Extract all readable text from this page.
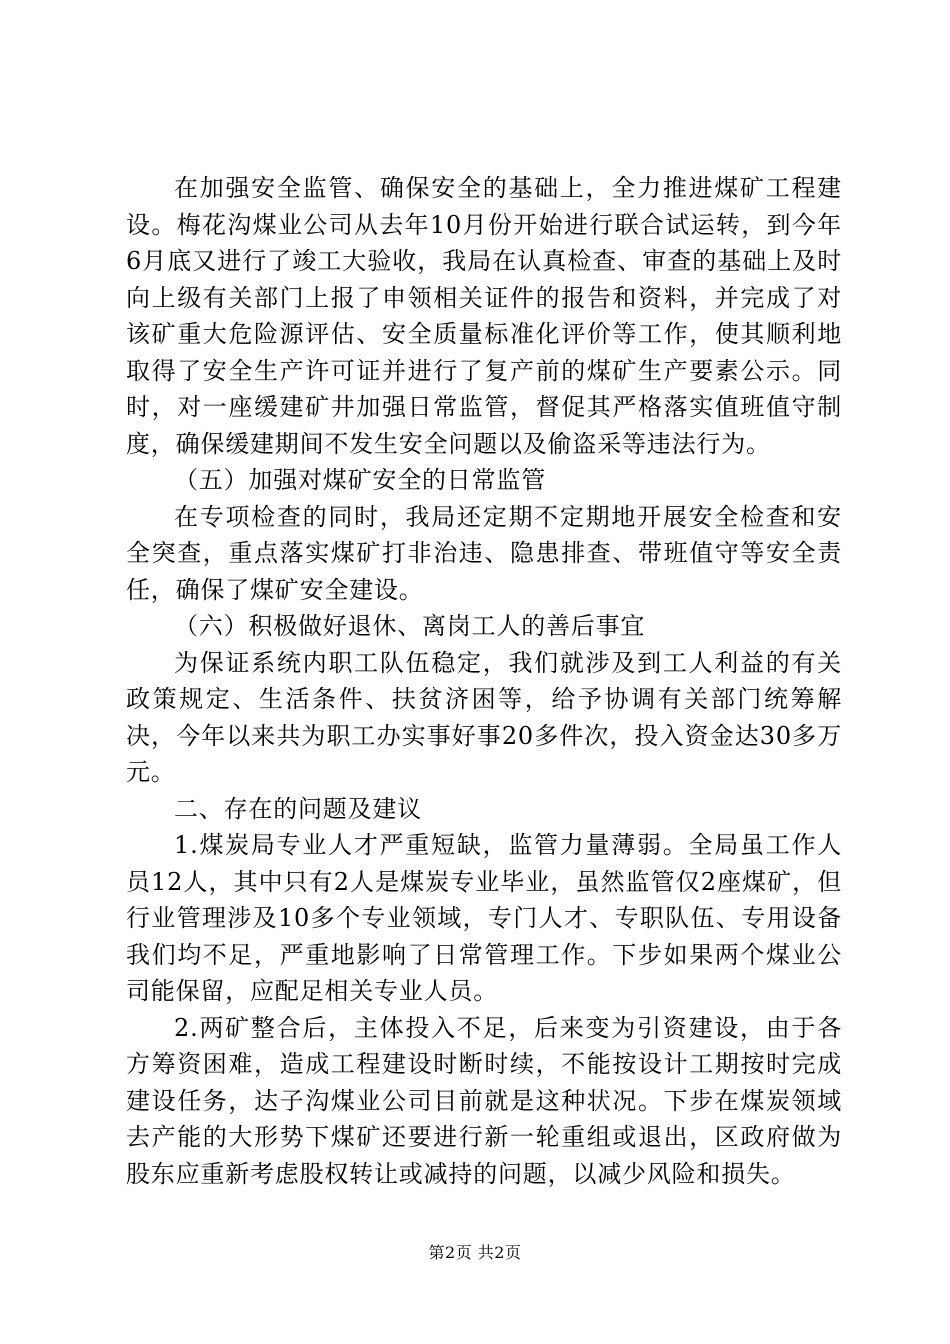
在加强安全监管、确保安全的基础上，全力推进煤矿工程建设。梅花沟煤业公司从去年10月份开始进行联合试运转，到今年6月底又进行了竣工大验收，我局在认真检查、审查的基础上及时向上级有关部门上报了申领相关证件的报告和资料，并完成了对该矿重大危险源评估、安全质量标准化评价等工作，使其顺利地取得了安全生产许可证并进行了复产前的煤矿生产要素公示。同时，对一座缓建矿井加强日常监管，督促其严格落实值班值守制度，确保缓建期间不发生安全问题以及偷盗采等违法行为。

（五）加强对煤矿安全的日常监管

在专项检查的同时，我局还定期不定期地开展安全检查和安全突查，重点落实煤矿打非治违、隐患排查、带班值守等安全责任，确保了煤矿安全建设。

（六）积极做好退休、离岗工人的善后事宜

为保证系统内职工队伍稳定，我们就涉及到工人利益的有关政策规定、生活条件、扶贫济困等，给予协调有关部门统筹解决，今年以来共为职工办实事好事20多件次，投入资金达30多万元。

二、存在的问题及建议

1.煤炭局专业人才严重短缺，监管力量薄弱。全局虽工作人员12人，其中只有2人是煤炭专业毕业，虽然监管仅2座煤矿，但行业管理涉及10多个专业领域，专门人才、专职队伍、专用设备我们均不足，严重地影响了日常管理工作。下步如果两个煤业公司能保留，应配足相关专业人员。

2.两矿整合后，主体投入不足，后来变为引资建设，由于各方筹资困难，造成工程建设时断时续，不能按设计工期按时完成建设任务，达子沟煤业公司目前就是这种状况。下步在煤炭领域去产能的大形势下煤矿还要进行新一轮重组或退出，区政府做为股东应重新考虑股权转让或减持的问题，以减少风险和损失。

第2页 共2页
